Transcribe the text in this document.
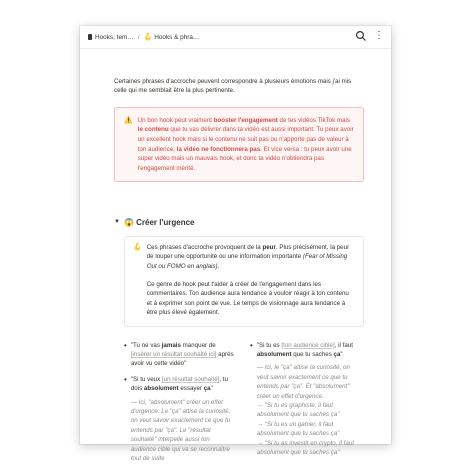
Hooks, tem… / 🪝 Hooks & phra…	⋮

Certaines phrases d'accroche peuvent correspondre à plusieurs émotions mais j'ai mis celle qui me semblait être la plus pertinente.

⚠️ Un bon hook peut vraiment booster l'engagement de tes vidéos TikTok mais le contenu que tu vas délivrer dans ta vidéo est aussi important. Tu peux avoir un excellent hook mais si le contenu ne suit pas ou n'apporte pas de valeur à ton audience, la vidéo ne fonctionnera pas. Et vice versa : tu peux avoir une super vidéo mais un mauvais hook, et donc ta vidéo n'obtiendra pas l'engagement mérité.
▼ 😱 Créer l'urgence
🪝 Ces phrases d'accroche provoquent de la peur. Plus précisément, la peur de louper une opportunité ou une information importante (Fear of Missing Out ou FOMO en anglais).

Ce genre de hook peut t'aider à créer de l'engagement dans les commentaires. Ton audience aura tendance à vouloir réagir à ton contenu et à exprimer son point de vue. Le temps de visionnage aura tendance à être plus élevé également.

• "Tu ne vas jamais manquer de [insérer un résultat souhaité ici] après avoir vu cette vidéo"
• "Si tu veux [un résultat souhaité], tu dois absolument essayer ça"
— Ici, "absolument" créer un effet d'urgence. Le "ça" attise la curiosité, on veut savoir exactement ce que tu entends par "ça". Le "résultat souhaité" interpelle aussi ton audience cible qui va se reconnaître tout de suite
• "Si tu es [ton audience cible], il faut absolument que tu saches ça"
— Ici, le "ça" attise la curiosité, on veut savoir exactement ce que tu entends par "ça". Et "absolument" créer un effet d'urgence.
→ "Si tu es graphiste, il faut absolument que tu saches ça"
→ "Si tu es un gamer, il faut absolument que tu saches ça"
→ "Si tu as investit en crypto, il faut absolument que tu saches ça"
